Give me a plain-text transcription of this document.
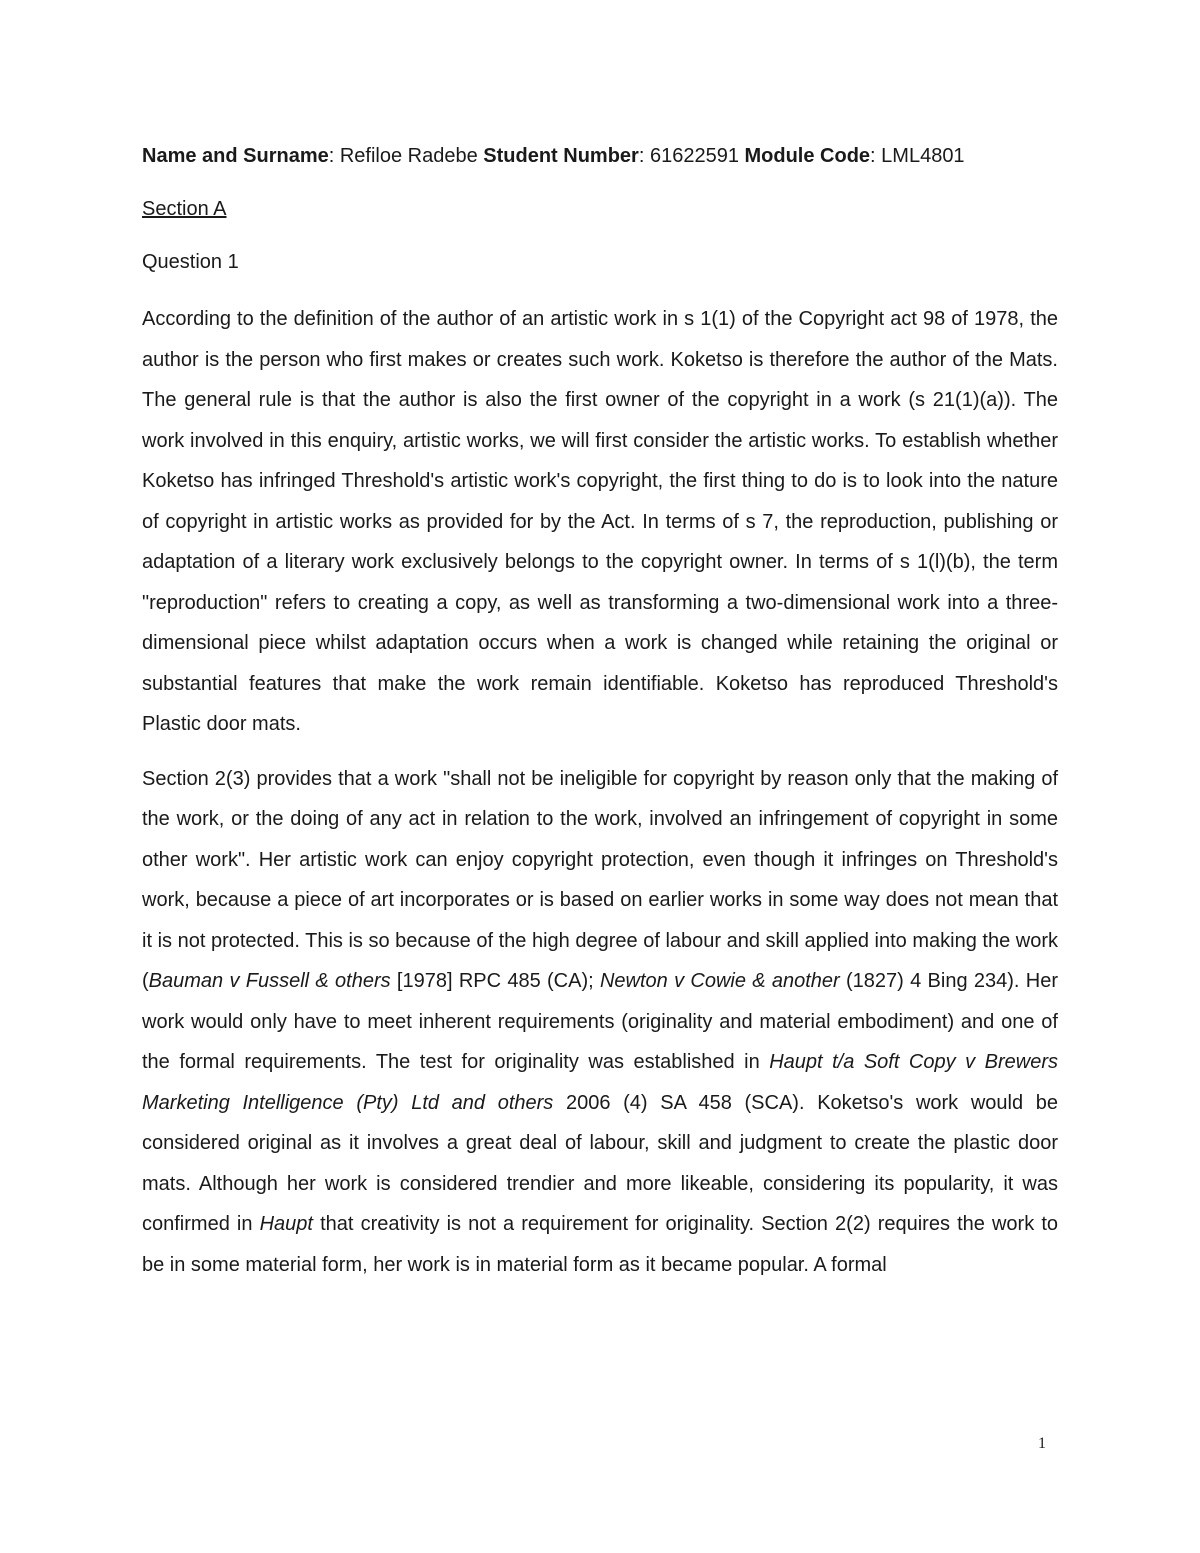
Name and Surname: Refiloe Radebe Student Number: 61622591 Module Code: LML4801

Section A

Question 1

According to the definition of the author of an artistic work in s 1(1) of the Copyright act 98 of 1978, the author is the person who first makes or creates such work. Koketso is therefore the author of the Mats. The general rule is that the author is also the first owner of the copyright in a work (s 21(1)(a)). The work involved in this enquiry, artistic works, we will first consider the artistic works. To establish whether Koketso has infringed Threshold's artistic work's copyright, the first thing to do is to look into the nature of copyright in artistic works as provided for by the Act. In terms of s 7, the reproduction, publishing or adaptation of a literary work exclusively belongs to the copyright owner. In terms of s 1(l)(b), the term "reproduction" refers to creating a copy, as well as transforming a two-dimensional work into a three-dimensional piece whilst adaptation occurs when a work is changed while retaining the original or substantial features that make the work remain identifiable. Koketso has reproduced Threshold's Plastic door mats.

Section 2(3) provides that a work "shall not be ineligible for copyright by reason only that the making of the work, or the doing of any act in relation to the work, involved an infringement of copyright in some other work". Her artistic work can enjoy copyright protection, even though it infringes on Threshold's work, because a piece of art incorporates or is based on earlier works in some way does not mean that it is not protected. This is so because of the high degree of labour and skill applied into making the work (Bauman v Fussell & others [1978] RPC 485 (CA); Newton v Cowie & another (1827) 4 Bing 234). Her work would only have to meet inherent requirements (originality and material embodiment) and one of the formal requirements. The test for originality was established in Haupt t/a Soft Copy v Brewers Marketing Intelligence (Pty) Ltd and others 2006 (4) SA 458 (SCA). Koketso's work would be considered original as it involves a great deal of labour, skill and judgment to create the plastic door mats. Although her work is considered trendier and more likeable, considering its popularity, it was confirmed in Haupt that creativity is not a requirement for originality. Section 2(2) requires the work to be in some material form, her work is in material form as it became popular. A formal

1
